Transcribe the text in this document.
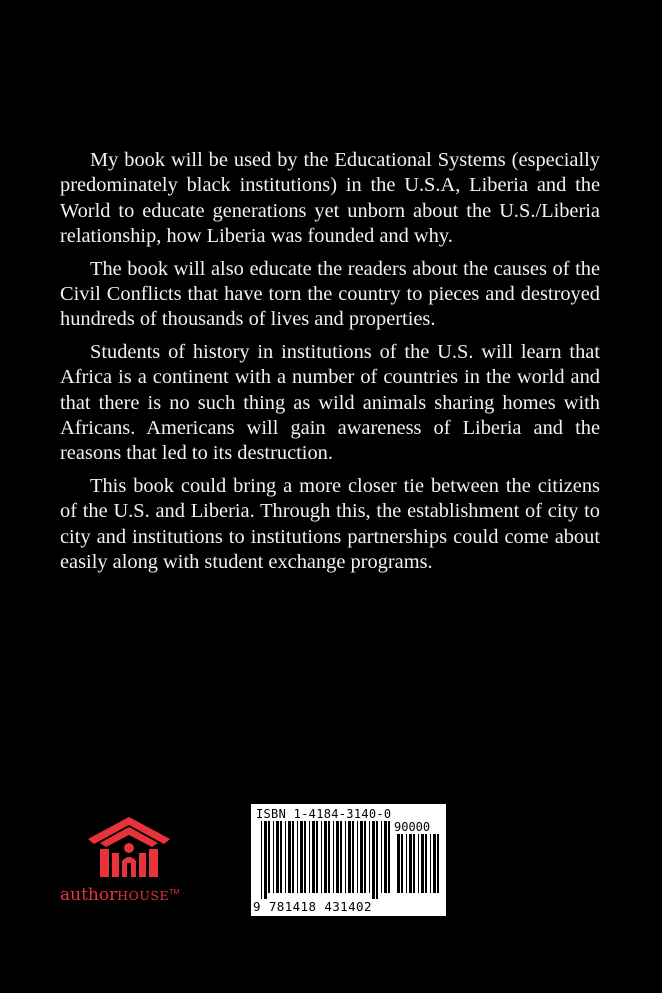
My book will be used by the Educational Systems (especially predominately black institutions) in the U.S.A, Liberia and the World to educate generations yet unborn about the U.S./Liberia relationship, how Liberia was founded and why.

The book will also educate the readers about the causes of the Civil Conflicts that have torn the country to pieces and destroyed hundreds of thousands of lives and properties.

Students of history in institutions of the U.S. will learn that Africa is a continent with a number of countries in the world and that there is no such thing as wild animals sharing homes with Africans. Americans will gain awareness of Liberia and the reasons that led to its destruction.

This book could bring a more closer tie between the citizens of the U.S. and Liberia. Through this, the establishment of city to city and institutions to institutions partnerships could come about easily along with student exchange programs.

authorHOUSE™
ISBN 1-4184-3140-0
90000
9 781418 431402
